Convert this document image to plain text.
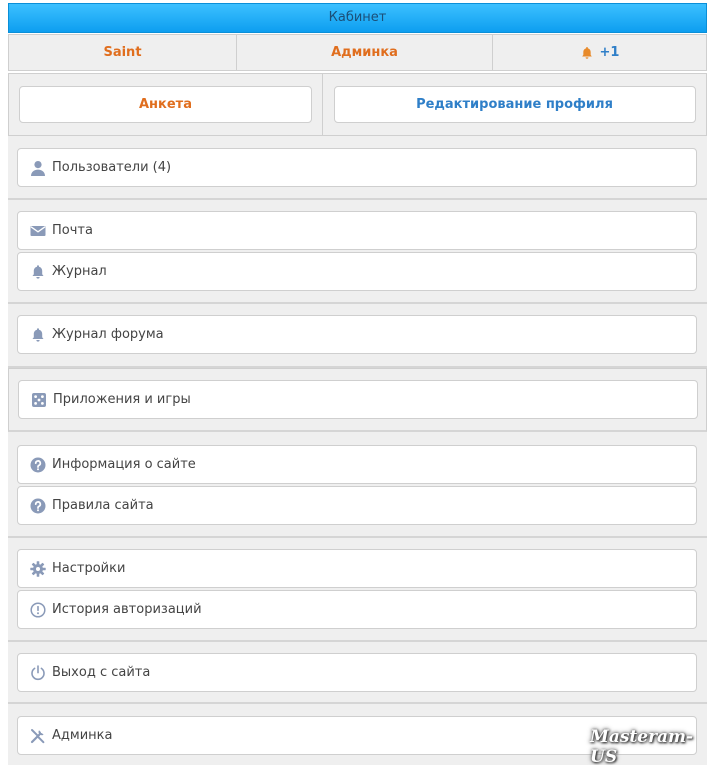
Кабинет
Saint	Админка	+1
Анкета	Редактирование профиля
Пользователи (4)
Почта
Журнал
Журнал форума
Приложения и игры
Информация о сайте
Правила сайта
Настройки
История авторизаций
Выход с сайта
Админка	Masteram-US
